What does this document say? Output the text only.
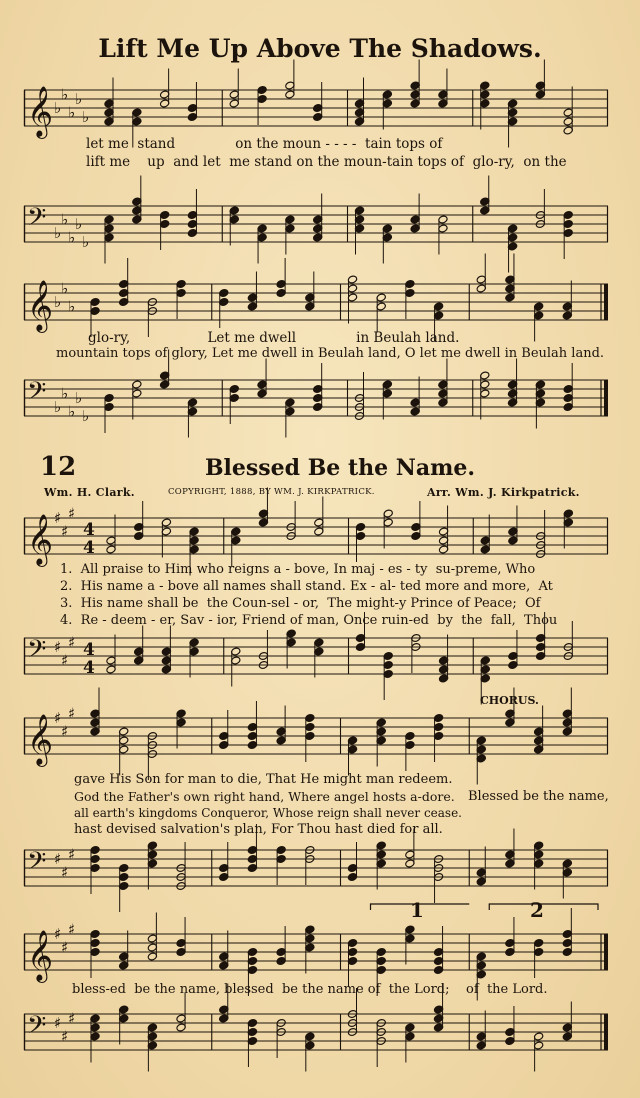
Lift Me Up Above The Shadows.
𝄞 ♭
♭
♭
♭
♭
let me  stand              on the moun - - - -  tain tops of
lift me    up  and let  me stand on the moun-tain tops of  glo-ry,  on the
𝄢 ♭
♭
♭
♭
♭
𝄞 ♭
♭
♭
glo-ry,                  Let me dwell              in Beulah land.
mountain tops of glory, Let me dwell in Beulah land, O let me dwell in Beulah land.
𝄢 ♭
♭
♭
♭
♭
12	Blessed Be the Name.
Wm. H. Clark.	COPYRIGHT, 1888, BY WM. J. KIRKPATRICK.	Arr. Wm. J. Kirkpatrick.
𝄞 ♯
♯
♯
4
4
1.  All praise to Him who reigns a - bove, In maj - es - ty  su-preme, Who
2.  His name a - bove all names shall stand. Ex - al- ted more and more,  At
3.  His name shall be  the Coun-sel - or,  The might-y Prince of Peace;  Of
4.  Re - deem - er, Sav - ior, Friend of man, Once ruin-ed  by  the  fall,  Thou
𝄢 ♯
♯
♯ 4
4
CHORUS.
𝄞 ♯
♯
♯
gave His Son for man to die, That He might man redeem.
God the Father's own right hand, Where angel hosts a-dore.
all earth's kingdoms Conqueror, Whose reign shall never cease.
hast devised salvation's plan, For Thou hast died for all.
Blessed be the name,
𝄢 ♯
♯
♯
1	2
𝄞 ♯
♯
♯
bless-ed  be the name, blessed  be the name of  the Lord;    of  the Lord.
𝄢 ♯
♯
♯
